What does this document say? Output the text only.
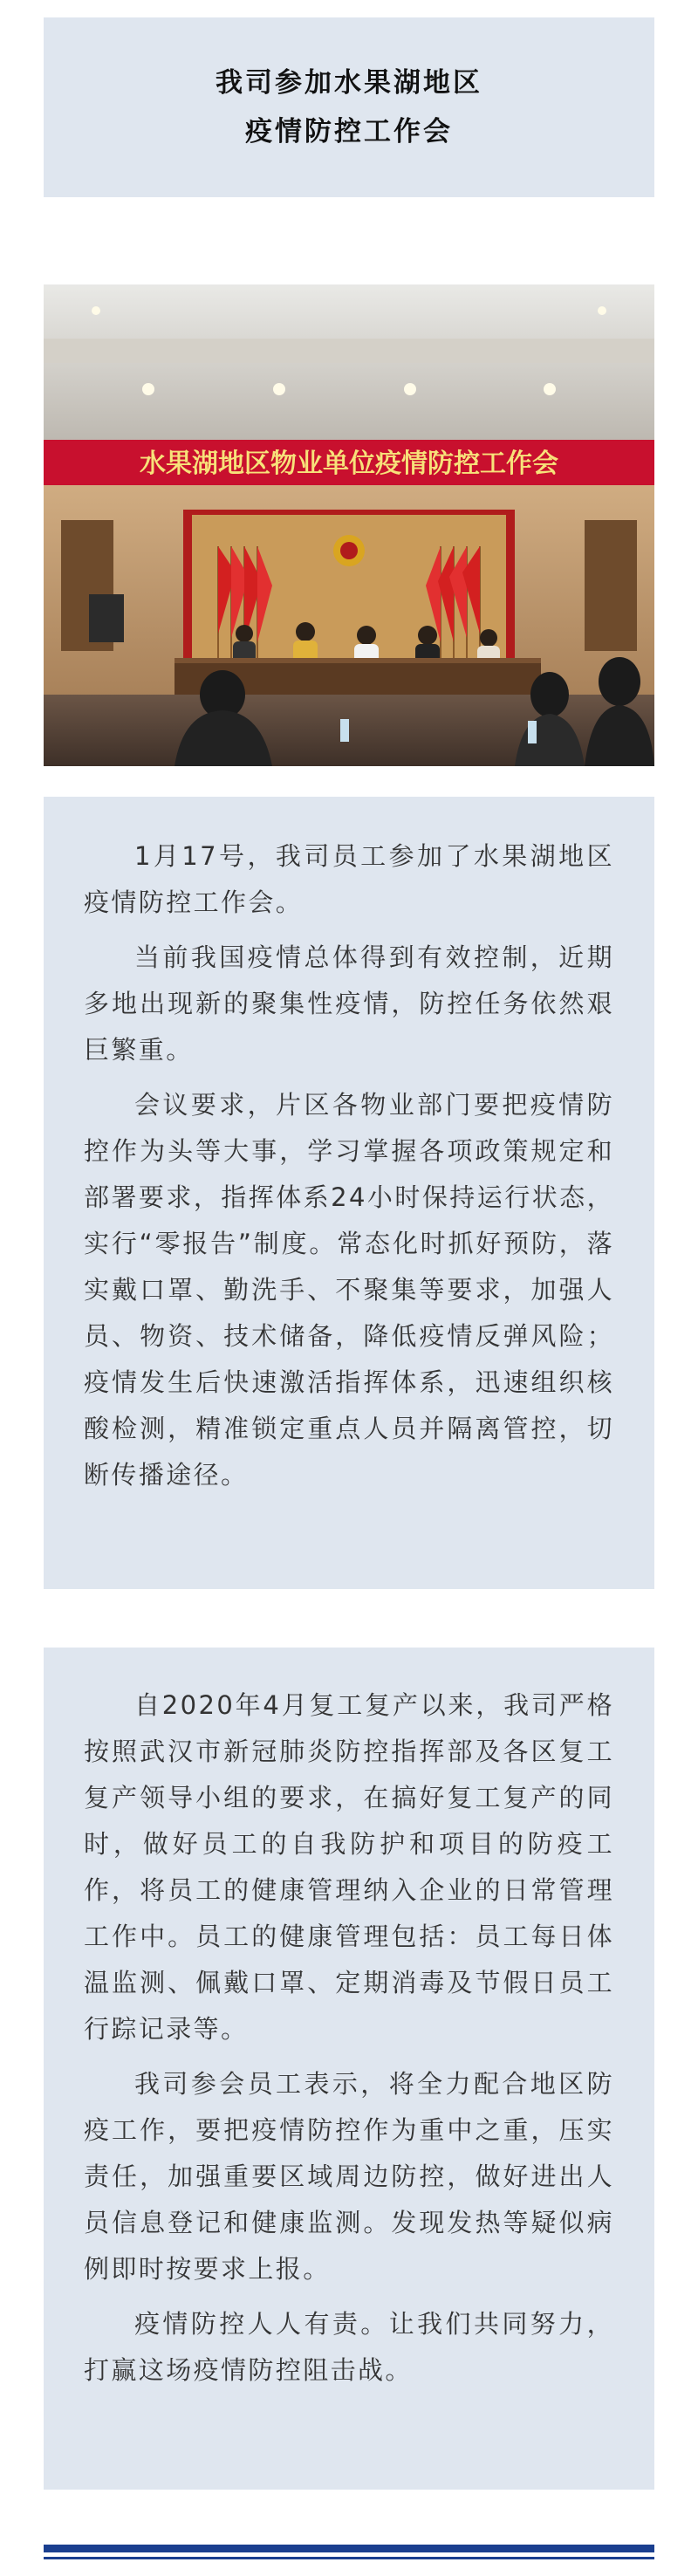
我司参加水果湖地区
疫情防控工作会
水果湖地区物业单位疫情防控工作会

1月17号，我司员工参加了水果湖地区疫情防控工作会。

当前我国疫情总体得到有效控制，近期多地出现新的聚集性疫情，防控任务依然艰巨繁重。

会议要求，片区各物业部门要把疫情防控作为头等大事，学习掌握各项政策规定和部署要求，指挥体系24小时保持运行状态，实行“零报告”制度。常态化时抓好预防，落实戴口罩、勤洗手、不聚集等要求，加强人员、物资、技术储备，降低疫情反弹风险；疫情发生后快速激活指挥体系，迅速组织核酸检测，精准锁定重点人员并隔离管控，切断传播途径。

自2020年4月复工复产以来，我司严格按照武汉市新冠肺炎防控指挥部及各区复工复产领导小组的要求，在搞好复工复产的同时，做好员工的自我防护和项目的防疫工作，将员工的健康管理纳入企业的日常管理工作中。员工的健康管理包括：员工每日体温监测、佩戴口罩、定期消毒及节假日员工行踪记录等。

我司参会员工表示，将全力配合地区防疫工作，要把疫情防控作为重中之重，压实责任，加强重要区域周边防控，做好进出人员信息登记和健康监测。发现发热等疑似病例即时按要求上报。

疫情防控人人有责。让我们共同努力，打赢这场疫情防控阻击战。
